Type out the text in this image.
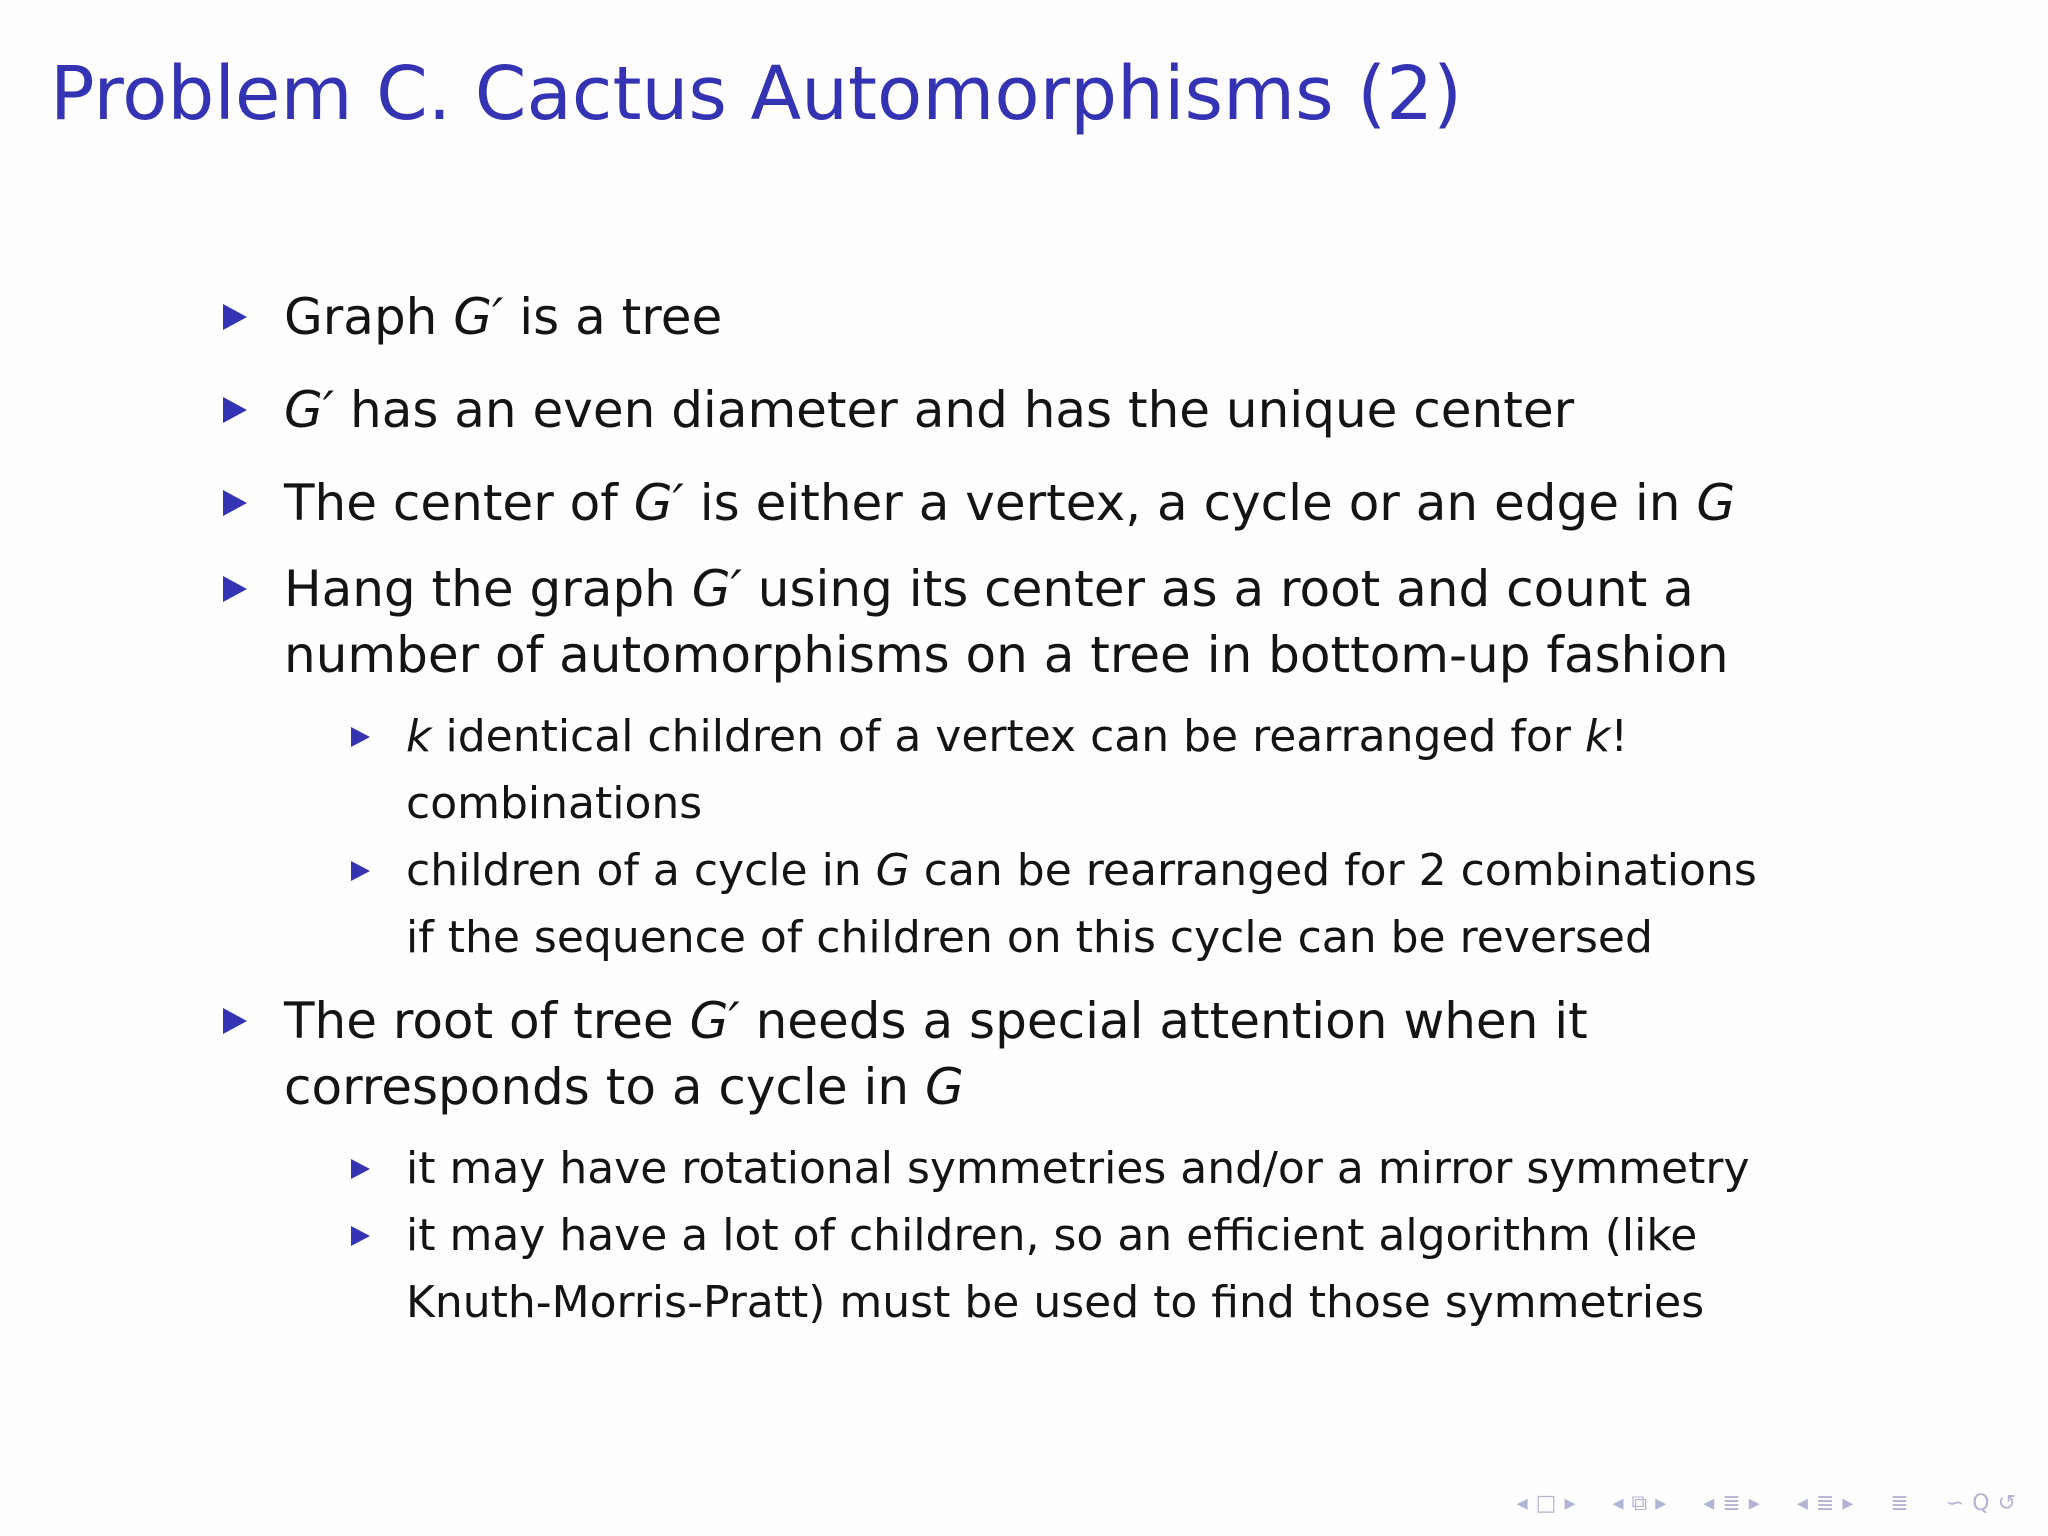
Problem C. Cactus Automorphisms (2)
Graph G′ is a tree
G′ has an even diameter and has the unique center
The center of G′ is either a vertex, a cycle or an edge in G
Hang the graph G′ using its center as a root and count a
number of automorphisms on a tree in bottom-up fashion
k identical children of a vertex can be rearranged for k!
combinations
children of a cycle in G can be rearranged for 2 combinations
if the sequence of children on this cycle can be reversed
The root of tree G′ needs a special attention when it
corresponds to a cycle in G
it may have rotational symmetries and/or a mirror symmetry
it may have a lot of children, so an efficient algorithm (like
Knuth-Morris-Pratt) must be used to find those symmetries
◂ □ ▸ ◂ ⧉ ▸ ◂ ≣ ▸ ◂ ≣ ▸ ≣ ∽ Q ↺
